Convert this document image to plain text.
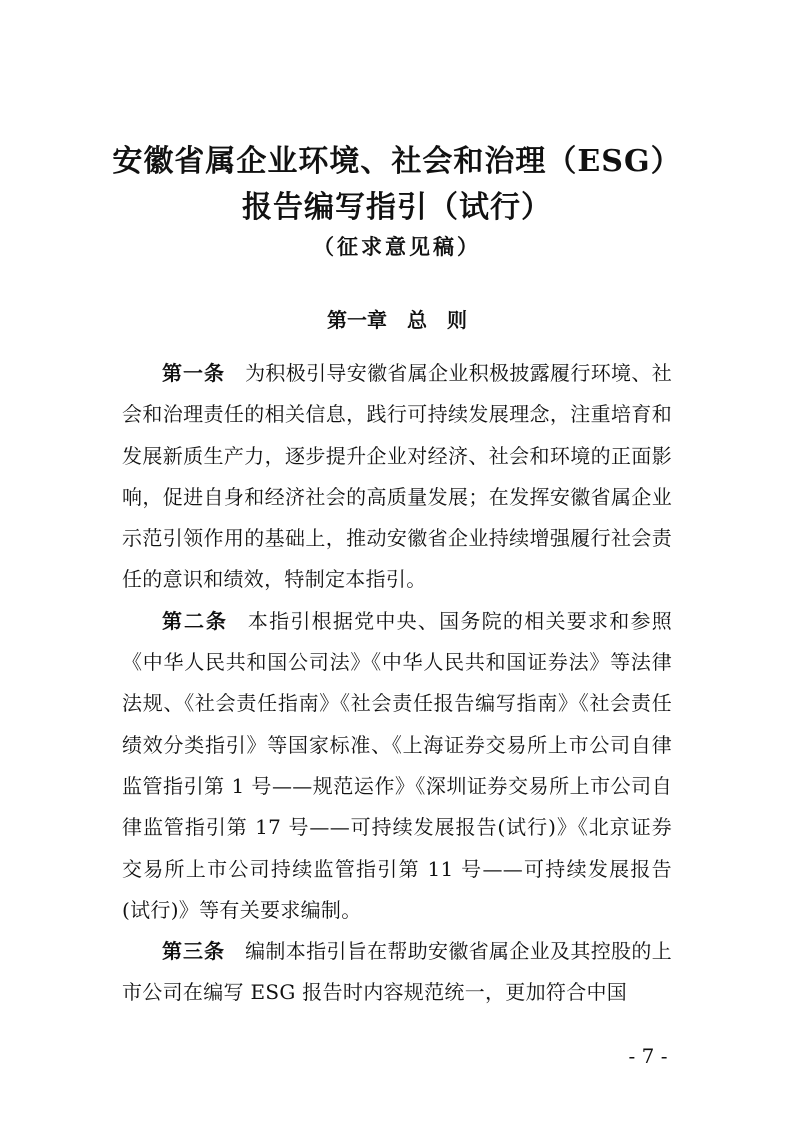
安徽省属企业环境、社会和治理（ESG）
报告编写指引（试行）
（征求意见稿）
第一章　总　则

第一条 为积极引导安徽省属企业积极披露履行环境、社会和治理责任的相关信息，践行可持续发展理念，注重培育和发展新质生产力，逐步提升企业对经济、社会和环境的正面影响，促进自身和经济社会的高质量发展；在发挥安徽省属企业示范引领作用的基础上，推动安徽省企业持续增强履行社会责任的意识和绩效，特制定本指引。

第二条 本指引根据党中央、国务院的相关要求和参照《中华人民共和国公司法》《中华人民共和国证券法》等法律法规、《社会责任指南》《社会责任报告编写指南》《社会责任绩效分类指引》等国家标准、《上海证券交易所上市公司自律监管指引第 1 号——规范运作》《深圳证券交易所上市公司自律监管指引第 17 号——可持续发展报告(试行)》《北京证券交易所上市公司持续监管指引第 11 号——可持续发展报告(试行)》等有关要求编制。

第三条 编制本指引旨在帮助安徽省属企业及其控股的上市公司在编写 ESG 报告时内容规范统一，更加符合中国

- 7 -
